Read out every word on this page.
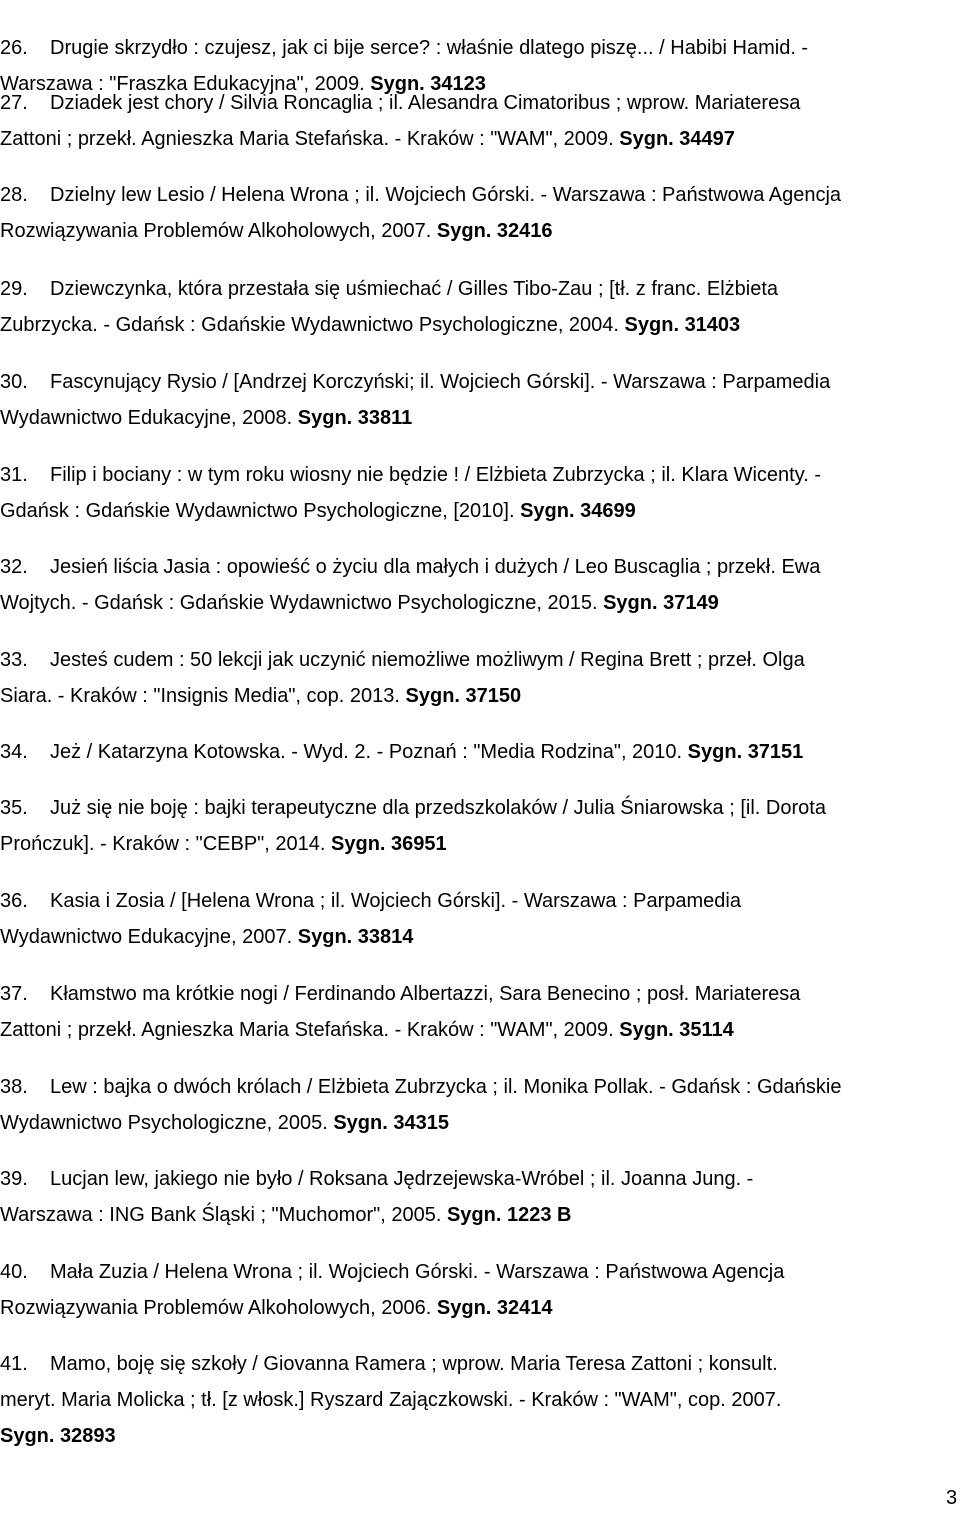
26. Drugie skrzydło : czujesz, jak ci bije serce? : właśnie dlatego piszę... / Habibi Hamid. -
Warszawa : "Fraszka Edukacyjna", 2009. Sygn. 34123
27. Dziadek jest chory / Silvia Roncaglia ; il. Alesandra Cimatoribus ; wprow. Mariateresa
Zattoni ; przekł. Agnieszka Maria Stefańska. - Kraków : "WAM", 2009. Sygn. 34497
28. Dzielny lew Lesio / Helena Wrona ; il. Wojciech Górski. - Warszawa : Państwowa Agencja
Rozwiązywania Problemów Alkoholowych, 2007. Sygn. 32416
29. Dziewczynka, która przestała się uśmiechać / Gilles Tibo-Zau ; [tł. z franc. Elżbieta
Zubrzycka. - Gdańsk : Gdańskie Wydawnictwo Psychologiczne, 2004. Sygn. 31403
30. Fascynujący Rysio / [Andrzej Korczyński; il. Wojciech Górski]. - Warszawa : Parpamedia
Wydawnictwo Edukacyjne, 2008. Sygn. 33811
31. Filip i bociany : w tym roku wiosny nie będzie ! / Elżbieta Zubrzycka ; il. Klara Wicenty. -
Gdańsk : Gdańskie Wydawnictwo Psychologiczne, [2010]. Sygn. 34699
32. Jesień liścia Jasia : opowieść o życiu dla małych i dużych / Leo Buscaglia ; przekł. Ewa
Wojtych. - Gdańsk : Gdańskie Wydawnictwo Psychologiczne, 2015. Sygn. 37149
33. Jesteś cudem : 50 lekcji jak uczynić niemożliwe możliwym / Regina Brett ; przeł. Olga
Siara. - Kraków : "Insignis Media", cop. 2013. Sygn. 37150
34. Jeż / Katarzyna Kotowska. - Wyd. 2. - Poznań : "Media Rodzina", 2010. Sygn. 37151
35. Już się nie boję : bajki terapeutyczne dla przedszkolaków / Julia Śniarowska ; [il. Dorota
Prończuk]. - Kraków : "CEBP", 2014. Sygn. 36951
36. Kasia i Zosia / [Helena Wrona ; il. Wojciech Górski]. - Warszawa : Parpamedia
Wydawnictwo Edukacyjne, 2007. Sygn. 33814
37. Kłamstwo ma krótkie nogi / Ferdinando Albertazzi, Sara Benecino ; posł. Mariateresa
Zattoni ; przekł. Agnieszka Maria Stefańska. - Kraków : "WAM", 2009. Sygn. 35114
38. Lew : bajka o dwóch królach / Elżbieta Zubrzycka ; il. Monika Pollak. - Gdańsk : Gdańskie
Wydawnictwo Psychologiczne, 2005. Sygn. 34315
39. Lucjan lew, jakiego nie było / Roksana Jędrzejewska-Wróbel ; il. Joanna Jung. -
Warszawa : ING Bank Śląski ; "Muchomor", 2005. Sygn. 1223 B
40. Mała Zuzia / Helena Wrona ; il. Wojciech Górski. - Warszawa : Państwowa Agencja
Rozwiązywania Problemów Alkoholowych, 2006. Sygn. 32414
41. Mamo, boję się szkoły / Giovanna Ramera ; wprow. Maria Teresa Zattoni ; konsult.
meryt. Maria Molicka ; tł. [z włosk.] Ryszard Zajączkowski. - Kraków : "WAM", cop. 2007.
Sygn. 32893
3
